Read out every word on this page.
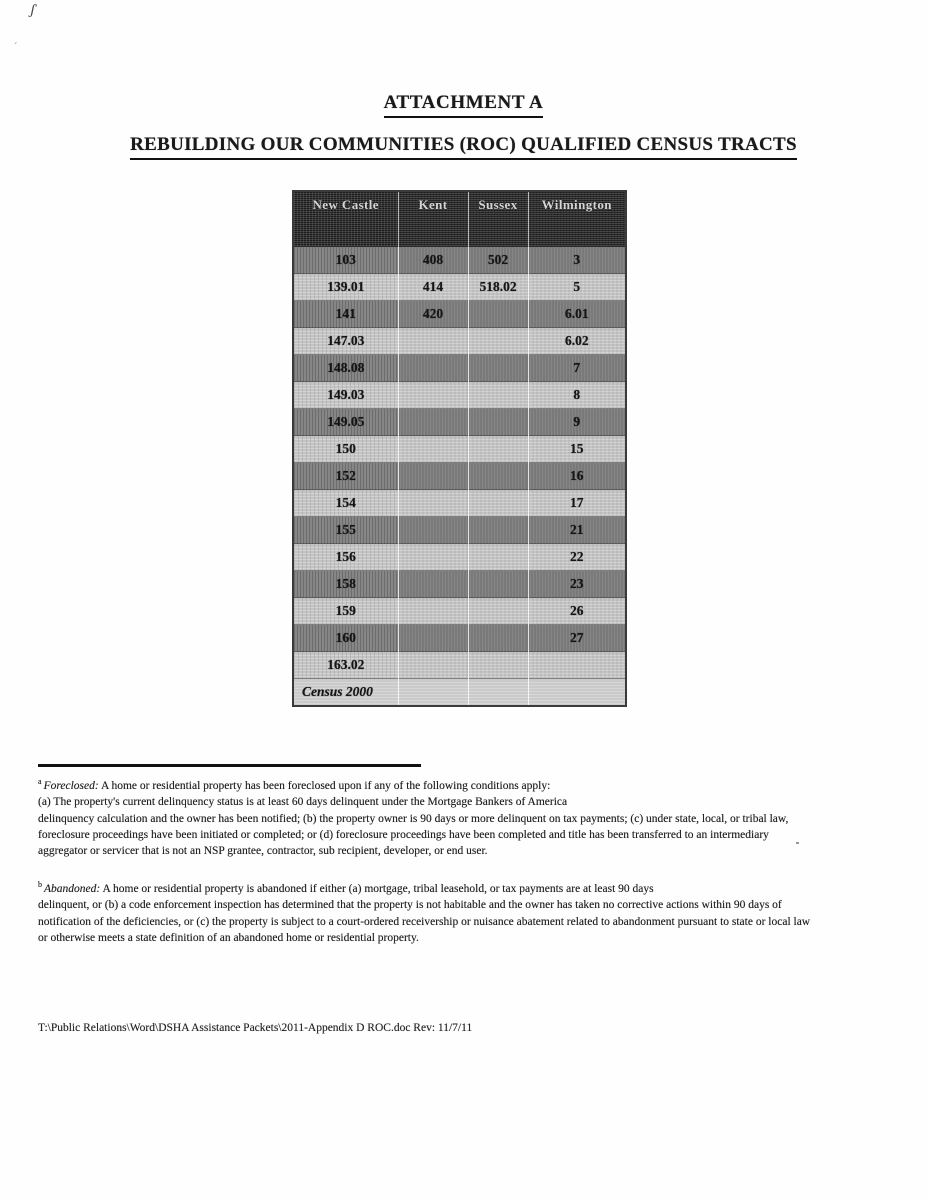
ʃ̍
ˊ
ATTACHMENT A
REBUILDING OUR COMMUNITIES (ROC) QUALIFIED CENSUS TRACTS
New Castle	Kent	Sussex	Wilmington
103	408	502	3
139.01	414	518.02	5
141	420		6.01
147.03			6.02
148.08			7
149.03			8
149.05			9
150			15
152			16
154			17
155			21
156			22
158			23
159			26
160			27
163.02			
Census 2000			
$^a$ Foreclosed: A home or residential property has been foreclosed upon if any of the following conditions apply:
(a) The property's current delinquency status is at least 60 days delinquent under the Mortgage Bankers of America
delinquency calculation and the owner has been notified; (b) the property owner is 90 days or more delinquent on tax payments; (c) under state, local, or tribal law,
foreclosure proceedings have been initiated or completed; or (d) foreclosure proceedings have been completed and title has been transferred to an intermediary
aggregator or servicer that is not an NSP grantee, contractor, sub recipient, developer, or end user.
$^b$ Abandoned: A home or residential property is abandoned if either (a) mortgage, tribal leasehold, or tax payments are at least 90 days
delinquent, or (b) a code enforcement inspection has determined that the property is not habitable and the owner has taken no corrective actions within 90 days of
notification of the deficiencies, or (c) the property is subject to a court-ordered receivership or nuisance abatement related to abandonment pursuant to state or local law
or otherwise meets a state definition of an abandoned home or residential property.
T:\Public Relations\Word\DSHA Assistance Packets\2011-Appendix D ROC.doc Rev: 11/7/11
